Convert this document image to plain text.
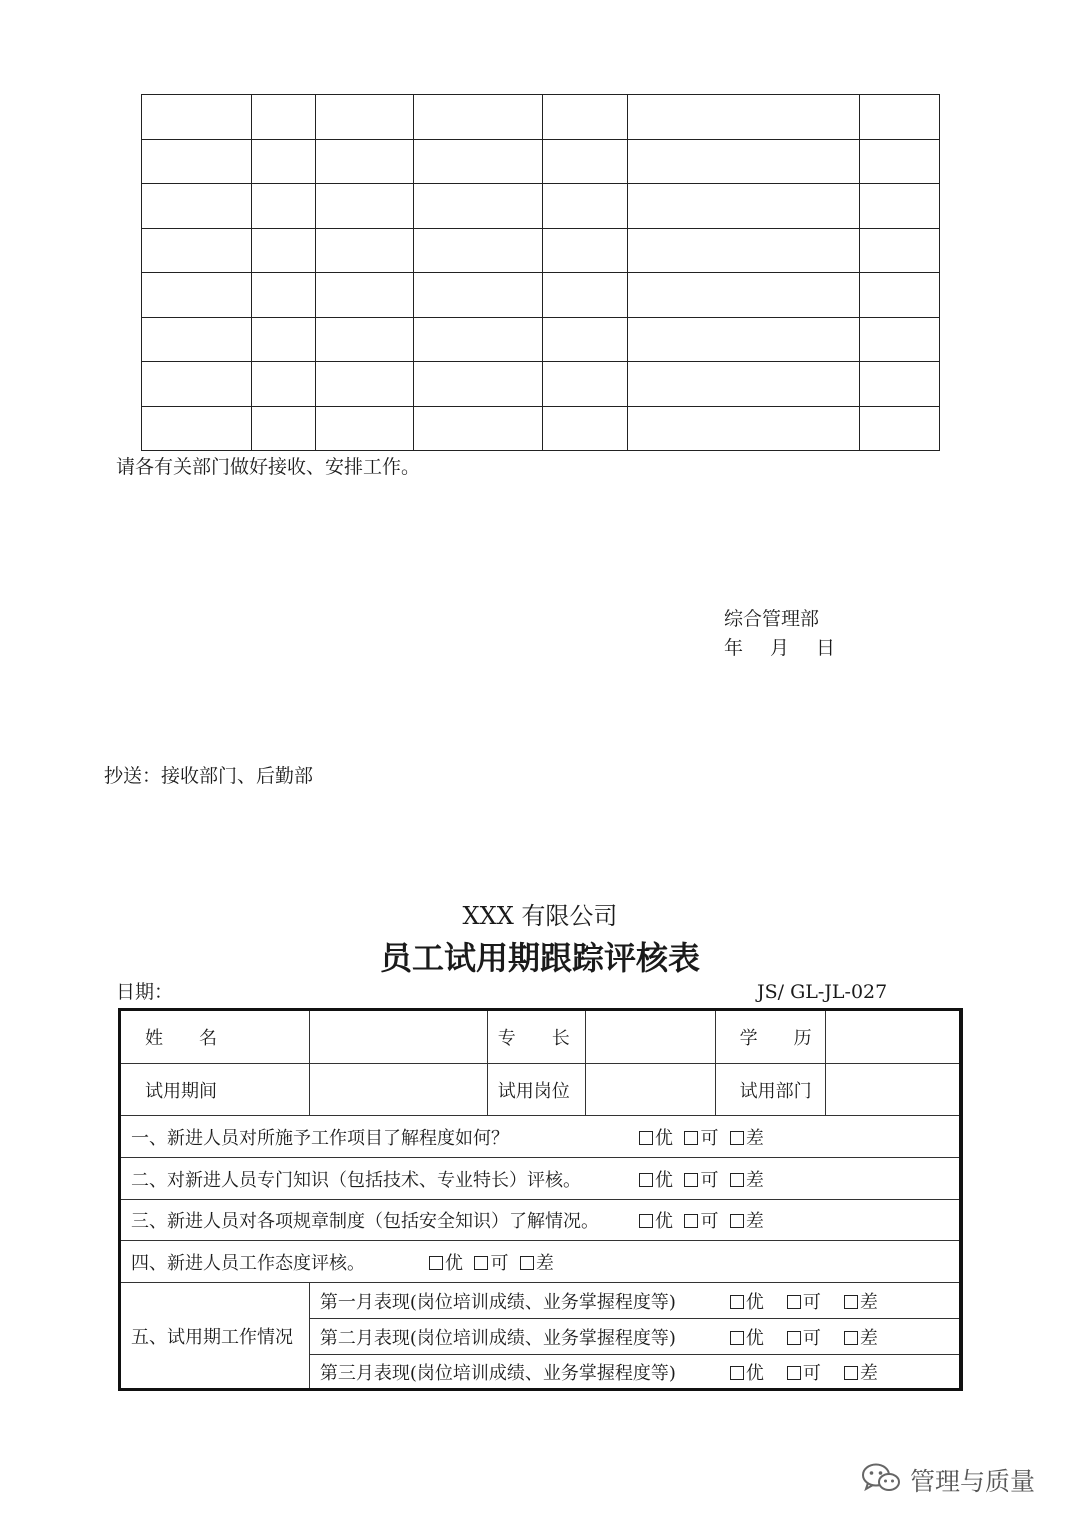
请各有关部门做好接收、安排工作。
综合管理部
年　月　日
抄送：接收部门、后勤部
XXX 有限公司
员工试用期跟踪评核表
日期：	JS/ GL-JL-027
姓　　名		专　　长		学　　历	
试用期间		试用岗位		试用部门	
一、新进人员对所施予工作项目了解程度如何？ 优 可 差					
二、对新进人员专门知识（包括技术、专业特长）评核。 优 可 差					
三、新进人员对各项规章制度（包括安全知识）了解情况。 优 可 差					
四、新进人员工作态度评核。 优 可 差					
五、试用期工作情况	第一月表现(岗位培训成绩、业务掌握程度等) 优 可 差				
	第二月表现(岗位培训成绩、业务掌握程度等) 优 可 差				
	第三月表现(岗位培训成绩、业务掌握程度等) 优 可 差				
管理与质量
